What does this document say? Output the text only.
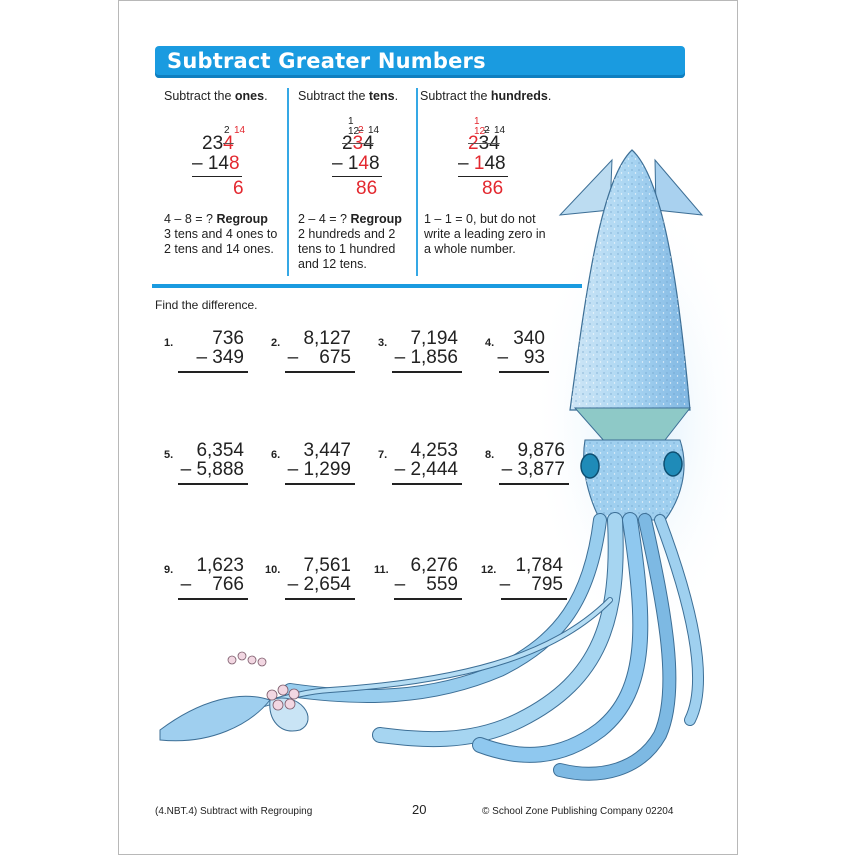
Subtract Greater Numbers
Subtract the ones. Subtract the tens. Subtract the hundreds.
2 14
234
– 148
6
1 12
2 14
234
– 148
86
1 12
2 14
234
– 148
86
4 – 8 = ? Regroup
3 tens and 4 ones to 2 tens and 14 ones.
2 – 4 = ? Regroup
2 hundreds and 2 tens to 1 hundred and 12 tens.
1 – 1 = 0, but do not write a leading zero in a whole number.
Find the difference.
1. 736
– 349
2. 8,127
–    675
3. 7,194
– 1,856
4. 340
–   93
5. 6,354
– 5,888
6. 3,447
– 1,299
7. 4,253
– 2,444
8. 9,876
– 3,877
9. 1,623
–    766
10. 7,561
– 2,654
11. 6,276
–    559
12. 1,784
–    795
(4.NBT.4) Subtract with Regrouping	20	© School Zone Publishing Company 02204
